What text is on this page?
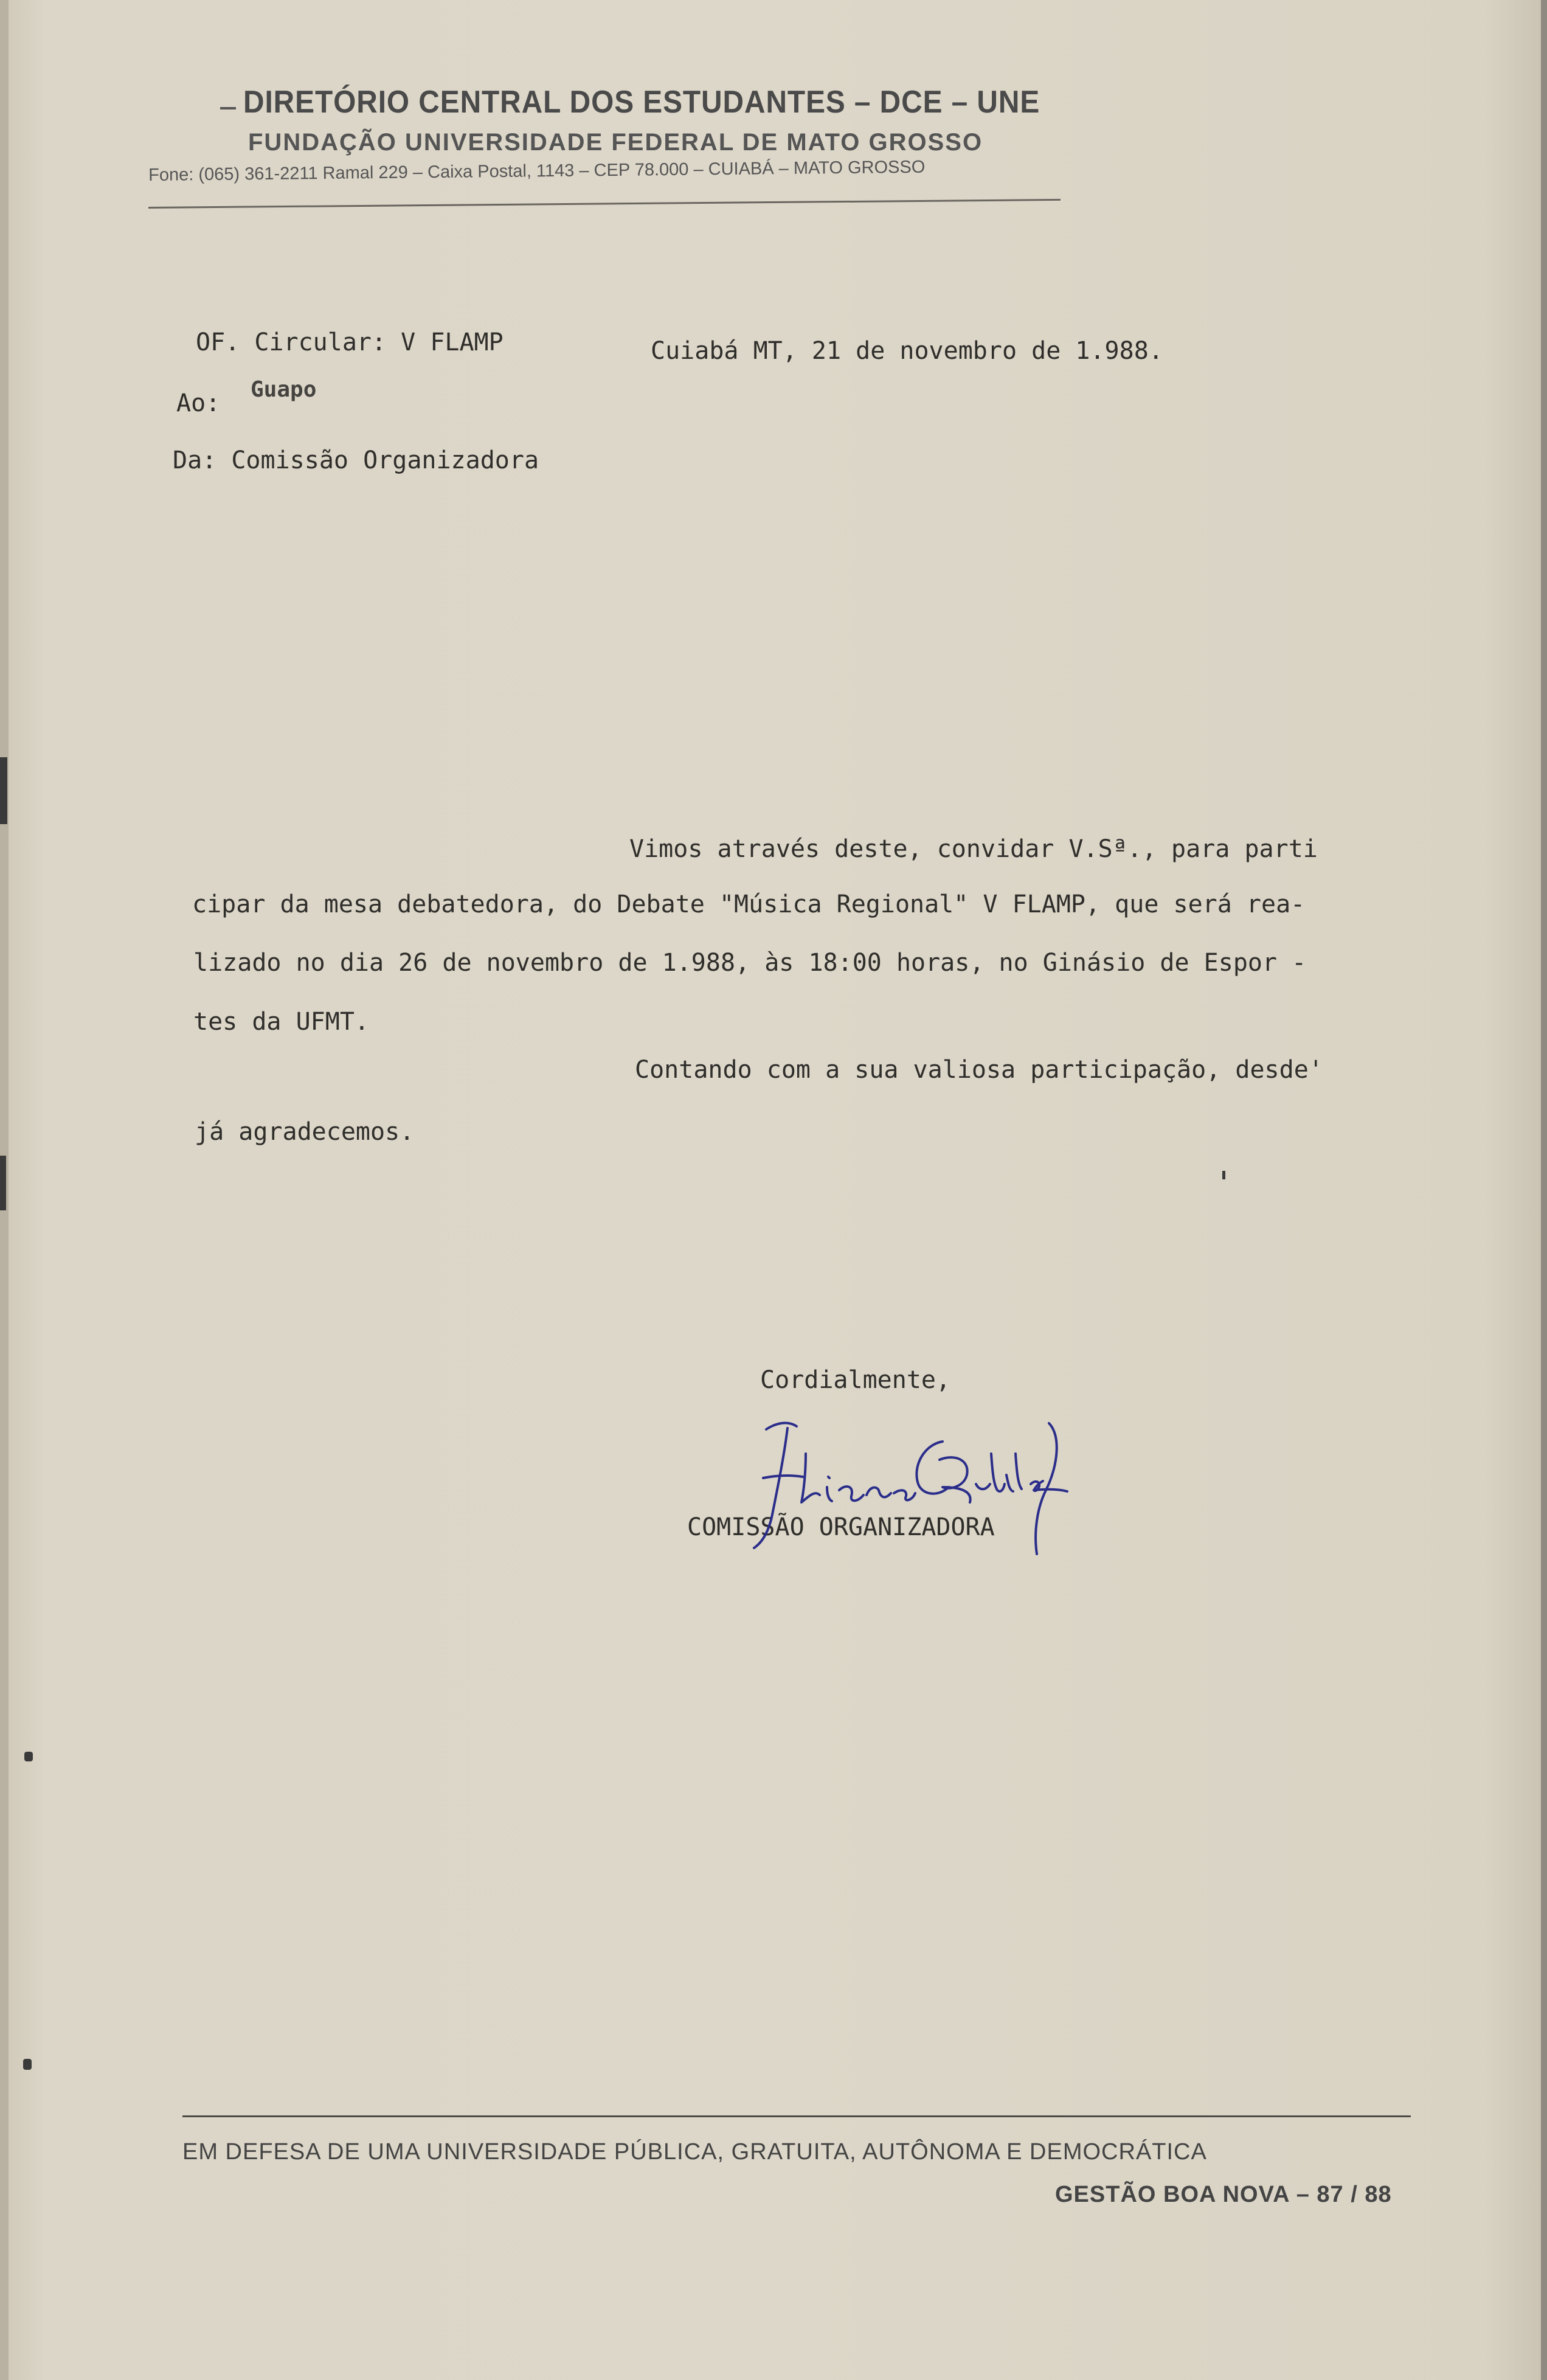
DIRETÓRIO CENTRAL DOS ESTUDANTES – DCE – UNE
FUNDAÇÃO UNIVERSIDADE FEDERAL DE MATO GROSSO
Fone: (065) 361-2211 Ramal 229 – Caixa Postal, 1143 – CEP 78.000 – CUIABÁ – MATO GROSSO
OF. Circular: V FLAMP	Cuiabá MT, 21 de novembro de 1.988.
Ao: Guapo
Da: Comissão Organizadora
Vimos através deste, convidar V.Sª., para parti
cipar da mesa debatedora, do Debate "Música Regional" V FLAMP, que será rea-
lizado no dia 26 de novembro de 1.988, às 18:00 horas, no Ginásio de Espor -
tes da UFMT.
Contando com a sua valiosa participação, desde'
já agradecemos.
Cordialmente,
COMISSÃO ORGANIZADORA
EM DEFESA DE UMA UNIVERSIDADE PÚBLICA, GRATUITA, AUTÔNOMA E DEMOCRÁTICA
GESTÃO BOA NOVA – 87 / 88
